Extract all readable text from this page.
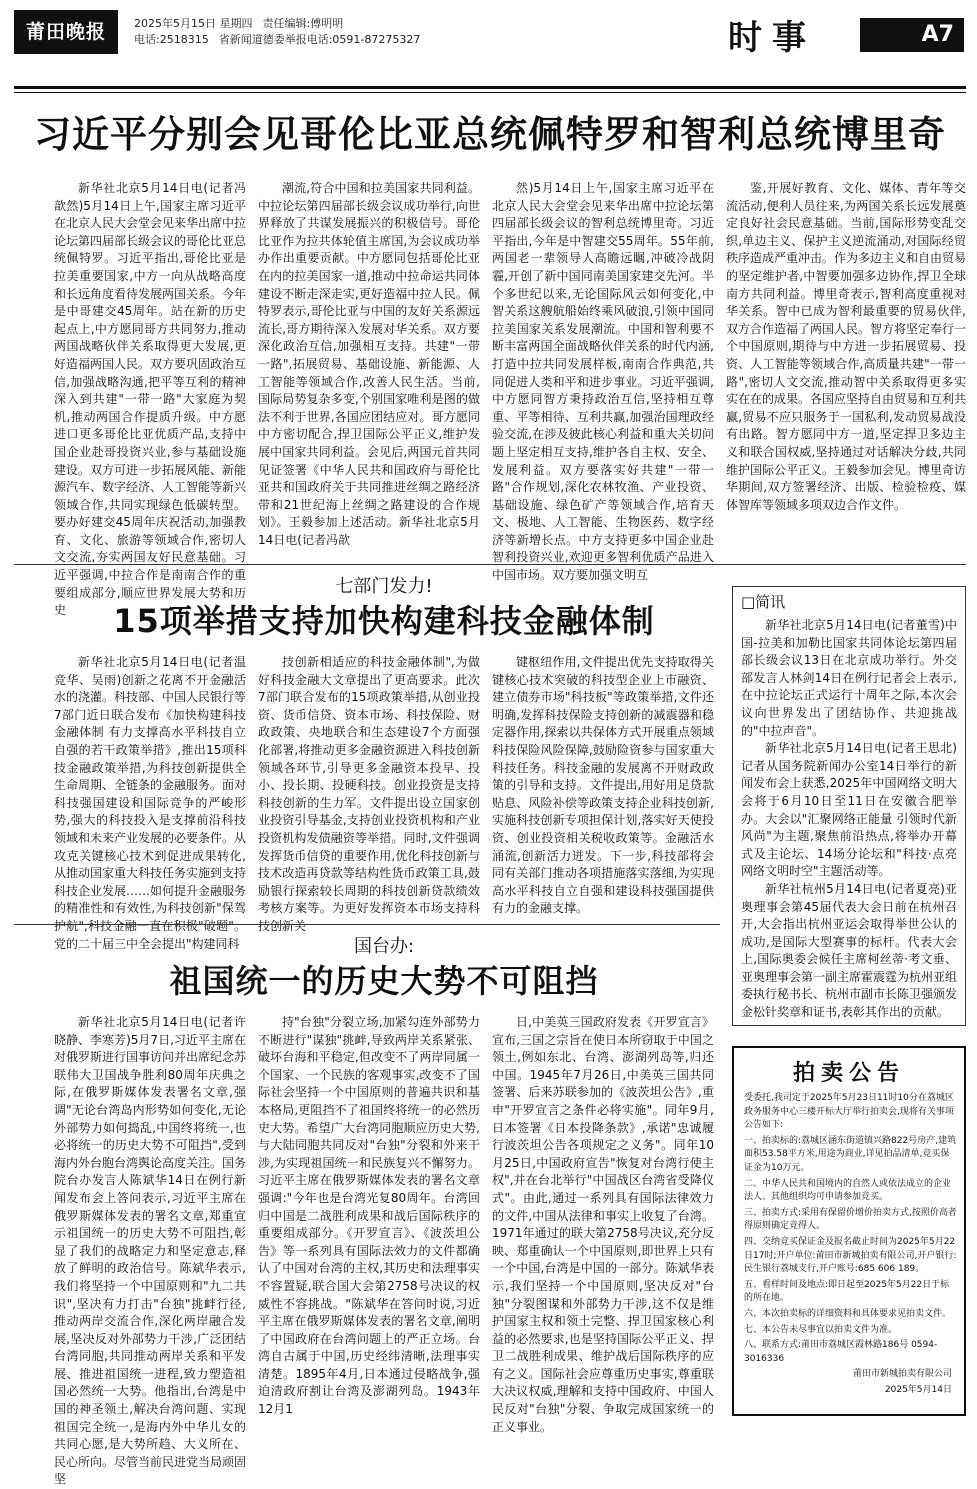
莆田晚报	2025年5月15日 星期四 责任编辑:傅明明
电话:2518315 省新闻道德委举报电话:0591-87275327	时事	A7
习近平分别会见哥伦比亚总统佩特罗和智利总统博里奇

新华社北京5月14日电(记者冯歆然)5月14日上午,国家主席习近平在北京人民大会堂会见来华出席中拉论坛第四届部长级会议的哥伦比亚总统佩特罗。习近平指出,哥伦比亚是拉美重要国家,中方一向从战略高度和长远角度看待发展两国关系。今年是中哥建交45周年。站在新的历史起点上,中方愿同哥方共同努力,推动两国战略伙伴关系取得更大发展,更好造福两国人民。双方要巩固政治互信,加强战略沟通,把平等互利的精神深入到共建"一带一路"大家庭为契机,推动两国合作提质升级。中方愿进口更多哥伦比亚优质产品,支持中国企业赴哥投资兴业,参与基础设施建设。双方可进一步拓展风能、新能源汽车、数字经济、人工智能等新兴领域合作,共同实现绿色低碳转型。要办好建交45周年庆祝活动,加强教育、文化、旅游等领域合作,密切人文交流,夯实两国友好民意基础。习近平强调,中拉合作是南南合作的重要组成部分,顺应世界发展大势和历史

潮流,符合中国和拉美国家共同利益。中拉论坛第四届部长级会议成功举行,向世界释放了共谋发展振兴的积极信号。哥伦比亚作为拉共体轮值主席国,为会议成功举办作出重要贡献。中方愿同包括哥伦比亚在内的拉美国家一道,推动中拉命运共同体建设不断走深走实,更好造福中拉人民。佩特罗表示,哥伦比亚与中国的友好关系源远流长,哥方期待深入发展对华关系。双方要深化政治互信,加强相互支持。共建"一带一路",拓展贸易、基础设施、新能源、人工智能等领域合作,改善人民生活。当前,国际局势复杂多变,个别国家唯利是图的做法不利于世界,各国应团结应对。哥方愿同中方密切配合,捍卫国际公平正义,维护发展中国家共同利益。会见后,两国元首共同见证签署《中华人民共和国政府与哥伦比亚共和国政府关于共同推进丝绸之路经济带和21世纪海上丝绸之路建设的合作规划》。王毅参加上述活动。新华社北京5月14日电(记者冯歆

然)5月14日上午,国家主席习近平在北京人民大会堂会见来华出席中拉论坛第四届部长级会议的智利总统博里奇。习近平指出,今年是中智建交55周年。55年前,两国老一辈领导人高瞻远瞩,冲破冷战阴霾,开创了新中国同南美国家建交先河。半个多世纪以来,无论国际风云如何变化,中智关系这艘航船始终乘风破浪,引领中国同拉美国家关系发展潮流。中国和智利要不断丰富两国全面战略伙伴关系的时代内涵,打造中拉共同发展样板,南南合作典范,共同促进人类和平和进步事业。习近平强调,中方愿同智方秉持政治互信,坚持相互尊重、平等相待、互利共赢,加强治国理政经验交流,在涉及彼此核心利益和重大关切问题上坚定相互支持,维护各自主权、安全、发展利益。双方要落实好共建"一带一路"合作规划,深化农林牧渔、产业投资、基础设施、绿色矿产等领域合作,培育天文、极地、人工智能、生物医药、数字经济等新增长点。中方支持更多中国企业赴智利投资兴业,欢迎更多智利优质产品进入中国市场。双方要加强文明互

鉴,开展好教育、文化、媒体、青年等交流活动,便利人员往来,为两国关系长远发展奠定良好社会民意基础。当前,国际形势变乱交织,单边主义、保护主义逆流涌动,对国际经贸秩序造成严重冲击。作为多边主义和自由贸易的坚定维护者,中智要加强多边协作,捍卫全球南方共同利益。博里奇表示,智利高度重视对华关系。智中已成为智利最重要的贸易伙伴,双方合作造福了两国人民。智方将坚定奉行一个中国原则,期待与中方进一步拓展贸易、投资、人工智能等领域合作,高质量共建"一带一路",密切人文交流,推动智中关系取得更多实实在在的成果。各国应坚持自由贸易和互利共赢,贸易不应只服务于一国私利,发动贸易战没有出路。智方愿同中方一道,坚定捍卫多边主义和联合国权威,坚持通过对话解决分歧,共同维护国际公平正义。王毅参加会见。博里奇访华期间,双方签署经济、出版、检验检疫、媒体智库等领域多项双边合作文件。

七部门发力!
15项举措支持加快构建科技金融体制

新华社北京5月14日电(记者温竞华、吴雨)创新之花离不开金融活水的浇灌。科技部、中国人民银行等7部门近日联合发布《加快构建科技金融体制 有力支撑高水平科技自立自强的若干政策举措》,推出15项科技金融政策举措,为科技创新提供全生命周期、全链条的金融服务。面对科技强国建设和国际竞争的严峻形势,强大的科技投入是支撑前沿科技领域和未来产业发展的必要条件。从攻克关键核心技术到促进成果转化,从推动国家重大科技任务实施到支持科技企业发展……如何提升金融服务的精准性和有效性,为科技创新"保驾护航",科技金融一直在积极"破题"。党的二十届三中全会提出"构建同科

技创新相适应的科技金融体制",为做好科技金融大文章提出了更高要求。此次7部门联合发布的15项政策举措,从创业投资、货币信贷、资本市场、科技保险、财政政策、央地联合和生态建设7个方面强化部署,将推动更多金融资源进入科技创新领域各环节,引导更多金融资本投早、投小、投长期、投硬科技。创业投资是支持科技创新的生力军。文件提出设立国家创业投资引导基金,支持创业投资机构和产业投资机构发债融资等举措。同时,文件强调发挥货币信贷的重要作用,优化科技创新与技术改造再贷款等结构性货币政策工具,鼓励银行探索较长周期的科技创新贷款绩效考核方案等。为更好发挥资本市场支持科技创新关

键枢纽作用,文件提出优先支持取得关键核心技术突破的科技型企业上市融资、建立债券市场"科技板"等政策举措,文件还明确,发挥科技保险支持创新的减震器和稳定器作用,探索以共保体方式开展重点领域科技保险风险保障,鼓励险资参与国家重大科技任务。科技金融的发展离不开财政政策的引导和支持。文件提出,用好用足贷款贴息、风险补偿等政策支持企业科技创新,实施科技创新专项担保计划,落实好天使投资、创业投资相关税收政策等。金融活水涌流,创新活力迸发。下一步,科技部将会同有关部门推动各项措施落实落细,为实现高水平科技自立自强和建设科技强国提供有力的金融支撑。

□简讯

新华社北京5月14日电(记者董雪)中国-拉美和加勒比国家共同体论坛第四届部长级会议13日在北京成功举行。外交部发言人林剑14日在例行记者会上表示,在中拉论坛正式运行十周年之际,本次会议向世界发出了团结协作、共迎挑战的"中拉声音"。

新华社北京5月14日电(记者王思北)记者从国务院新闻办公室14日举行的新闻发布会上获悉,2025年中国网络文明大会将于6月10日至11日在安徽合肥举办。大会以"汇聚网络正能量 引领时代新风尚"为主题,聚焦前沿热点,将举办开幕式及主论坛、14场分论坛和"科技·点亮网络文明时空"主题活动等。

新华社杭州5月14日电(记者夏亮)亚奥理事会第45届代表大会日前在杭州召开,大会指出杭州亚运会取得举世公认的成功,是国际大型赛事的标杆。代表大会上,国际奥委会候任主席柯丝蒂·考文垂、亚奥理事会第一副主席霍震霆为杭州亚组委执行秘书长、杭州市副市长陈卫强颁发金松针奖章和证书,表彰其作出的贡献。

国台办:
祖国统一的历史大势不可阻挡

新华社北京5月14日电(记者许晓静、李寒芳)5月7日,习近平主席在对俄罗斯进行国事访问并出席纪念苏联伟大卫国战争胜利80周年庆典之际,在俄罗斯媒体发表署名文章,强调"无论台湾岛内形势如何变化,无论外部势力如何捣乱,中国终将统一,也必将统一的历史大势不可阻挡",受到海内外台胞台湾舆论高度关注。国务院台办发言人陈斌华14日在例行新闻发布会上答问表示,习近平主席在俄罗斯媒体发表的署名文章,郑重宣示祖国统一的历史大势不可阻挡,彰显了我们的战略定力和坚定意志,释放了鲜明的政治信号。陈斌华表示,我们将坚持一个中国原则和"九二共识",坚决有力打击"台独"挑衅行径,推动两岸交流合作,深化两岸融合发展,坚决反对外部势力干涉,广泛团结台湾同胞,共同推动两岸关系和平发展、推进祖国统一进程,致力塑造祖国必然统一大势。他指出,台湾是中国的神圣领土,解决台湾问题、实现祖国完全统一,是海内外中华儿女的共同心愿,是大势所趋、大义所在、民心所向。尽管当前民进党当局顽固坚

持"台独"分裂立场,加紧勾连外部势力不断进行"谋独"挑衅,导致两岸关系紧张、破坏台海和平稳定,但改变不了两岸同属一个国家、一个民族的客观事实,改变不了国际社会坚持一个中国原则的普遍共识和基本格局,更阻挡不了祖国终将统一的必然历史大势。希望广大台湾同胞顺应历史大势,与大陆同胞共同反对"台独"分裂和外来干涉,为实现祖国统一和民族复兴不懈努力。习近平主席在俄罗斯媒体发表的署名文章强调:"今年也是台湾光复80周年。台湾回归中国是二战胜利成果和战后国际秩序的重要组成部分。《开罗宣言》、《波茨坦公告》等一系列具有国际法效力的文件都确认了中国对台湾的主权,其历史和法理事实不容置疑,联合国大会第2758号决议的权威性不容挑战。"陈斌华在答问时说,习近平主席在俄罗斯媒体发表的署名文章,阐明了中国政府在台湾问题上的严正立场。台湾自古属于中国,历史经纬清晰,法理事实清楚。1895年4月,日本通过侵略战争,强迫清政府割让台湾及澎湖列岛。1943年12月1

日,中美英三国政府发表《开罗宣言》宣布,三国之宗旨在使日本所窃取于中国之领土,例如东北、台湾、澎湖列岛等,归还中国。1945年7月26日,中美英三国共同签署、后来苏联参加的《波茨坦公告》,重申"开罗宣言之条件必将实施"。同年9月,日本签署《日本投降条款》,承诺"忠诚履行波茨坦公告各项规定之义务"。同年10月25日,中国政府宣告"恢复对台湾行使主权",并在台北举行"中国战区台湾省受降仪式"。由此,通过一系列具有国际法律效力的文件,中国从法律和事实上收复了台湾。1971年通过的联大第2758号决议,充分反映、郑重确认一个中国原则,即世界上只有一个中国,台湾是中国的一部分。陈斌华表示,我们坚持一个中国原则,坚决反对"台独"分裂图谋和外部势力干涉,这不仅是维护国家主权和领土完整、捍卫国家核心利益的必然要求,也是坚持国际公平正义、捍卫二战胜利成果、维护战后国际秩序的应有之义。国际社会应尊重历史事实,尊重联大决议权威,理解和支持中国政府、中国人民反对"台独"分裂、争取完成国家统一的正义事业。

拍卖公告

受委托,我司定于2025年5月23日11时10分在荔城区政务服务中心三楼开标大厅举行拍卖会,现将有关事项公告如下:

一、拍卖标的:荔城区涵东街道镇兴路822号房产,建筑面积53.58平方米,用途为商业,详见拍品清单,竞买保证金为10万元。

二、中华人民共和国境内的自然人或依法成立的企业法人、其他组织均可申请参加竞买。

三、拍卖方式:采用有保留价增价拍卖方式,按照价高者得原则确定竞得人。

四、交纳竞买保证金及报名截止时间为2025年5月22日17时;开户单位:莆田市新城拍卖有限公司,开户银行:民生银行荔城支行,开户账号:685 606 189。

五、看样时间及地点:即日起至2025年5月22日于标的所在地。

六、本次拍卖标的详细资料和具体要求见拍卖文件。

七、本公告未尽事宜以拍卖文件为准。

八、联系方式:莆田市荔城区霞林路186号 0594-3016336

莆田市新城拍卖有限公司

2025年5月14日
